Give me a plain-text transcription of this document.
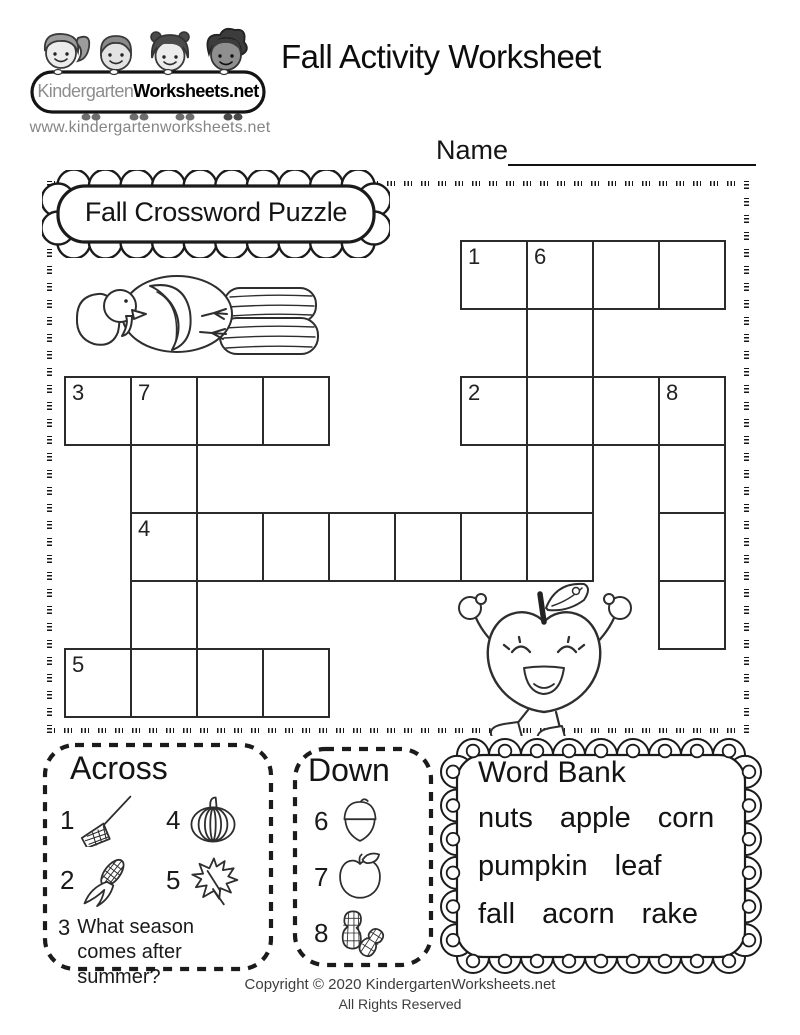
KindergartenWorksheets.net
www.kindergartenworksheets.net
Fall Activity Worksheet
Name
Fall Crossword Puzzle
1 6
3 7	2	8
4
5
Across
1	4
2	5
3 What season comes after summer?
Down
6
7
8
Word Bank
nuts apple corn
pumpkin leaf
fall acorn rake
Copyright © 2020 KindergartenWorksheets.net
All Rights Reserved
